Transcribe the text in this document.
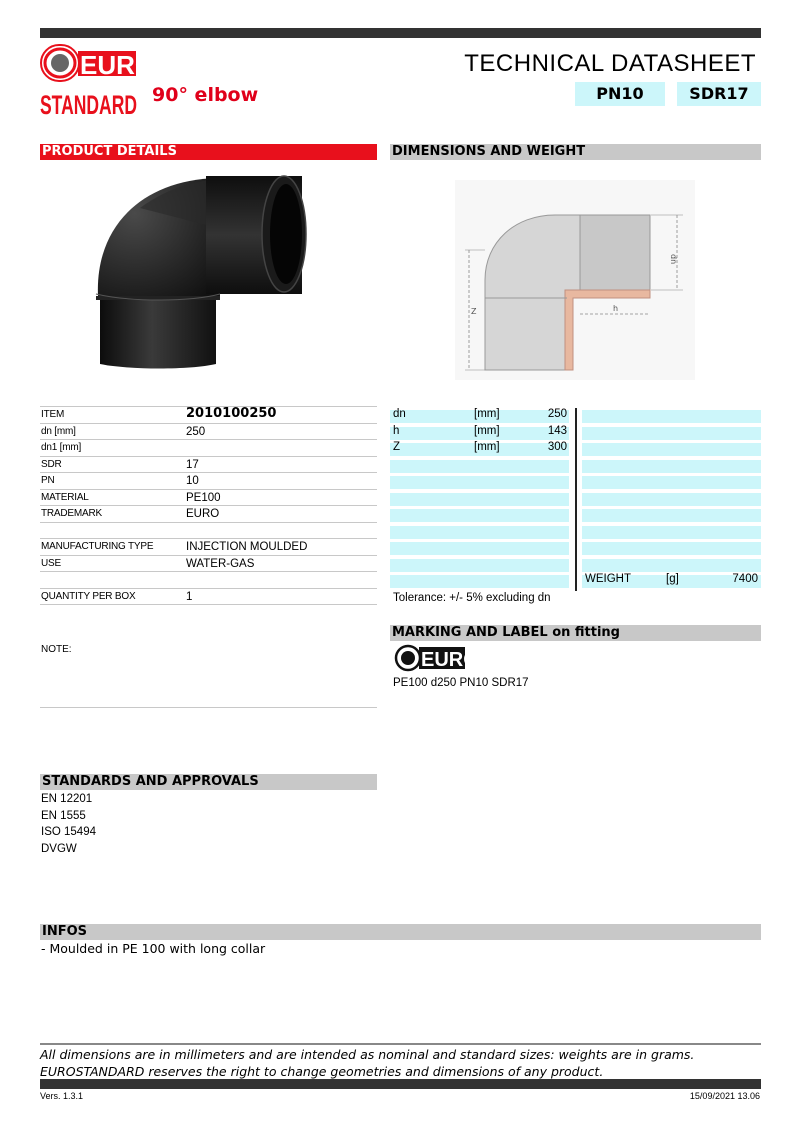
EURO
STANDARD 90° elbow
TECHNICAL DATASHEET
PN10	SDR17
PRODUCT DETAILS	DIMENSIONS AND WEIGHT
Z
dn
h
ITEM	2010100250
dn [mm]	250
dn1 [mm]
SDR	17
PN	10
MATERIAL	PE100
TRADEMARK	EURO
MANUFACTURING TYPE	INJECTION MOULDED
USE	WATER-GAS
QUANTITY PER BOX	1
NOTE:
dn	[mm]	250
h	[mm]	143
Z	[mm]	300
WEIGHT	[g]	7400
Tolerance: +/- 5% excluding dn
MARKING AND LABEL on fitting
EURO
PE100 d250 PN10 SDR17
STANDARDS AND APPROVALS
EN 12201
EN 1555
ISO 15494
DVGW
INFOS
- Moulded in PE 100 with long collar
All dimensions are in millimeters and are intended as nominal and standard sizes: weights are in grams.
EUROSTANDARD reserves the right to change geometries and dimensions of any product.
Vers. 1.3.1	15/09/2021 13.06
